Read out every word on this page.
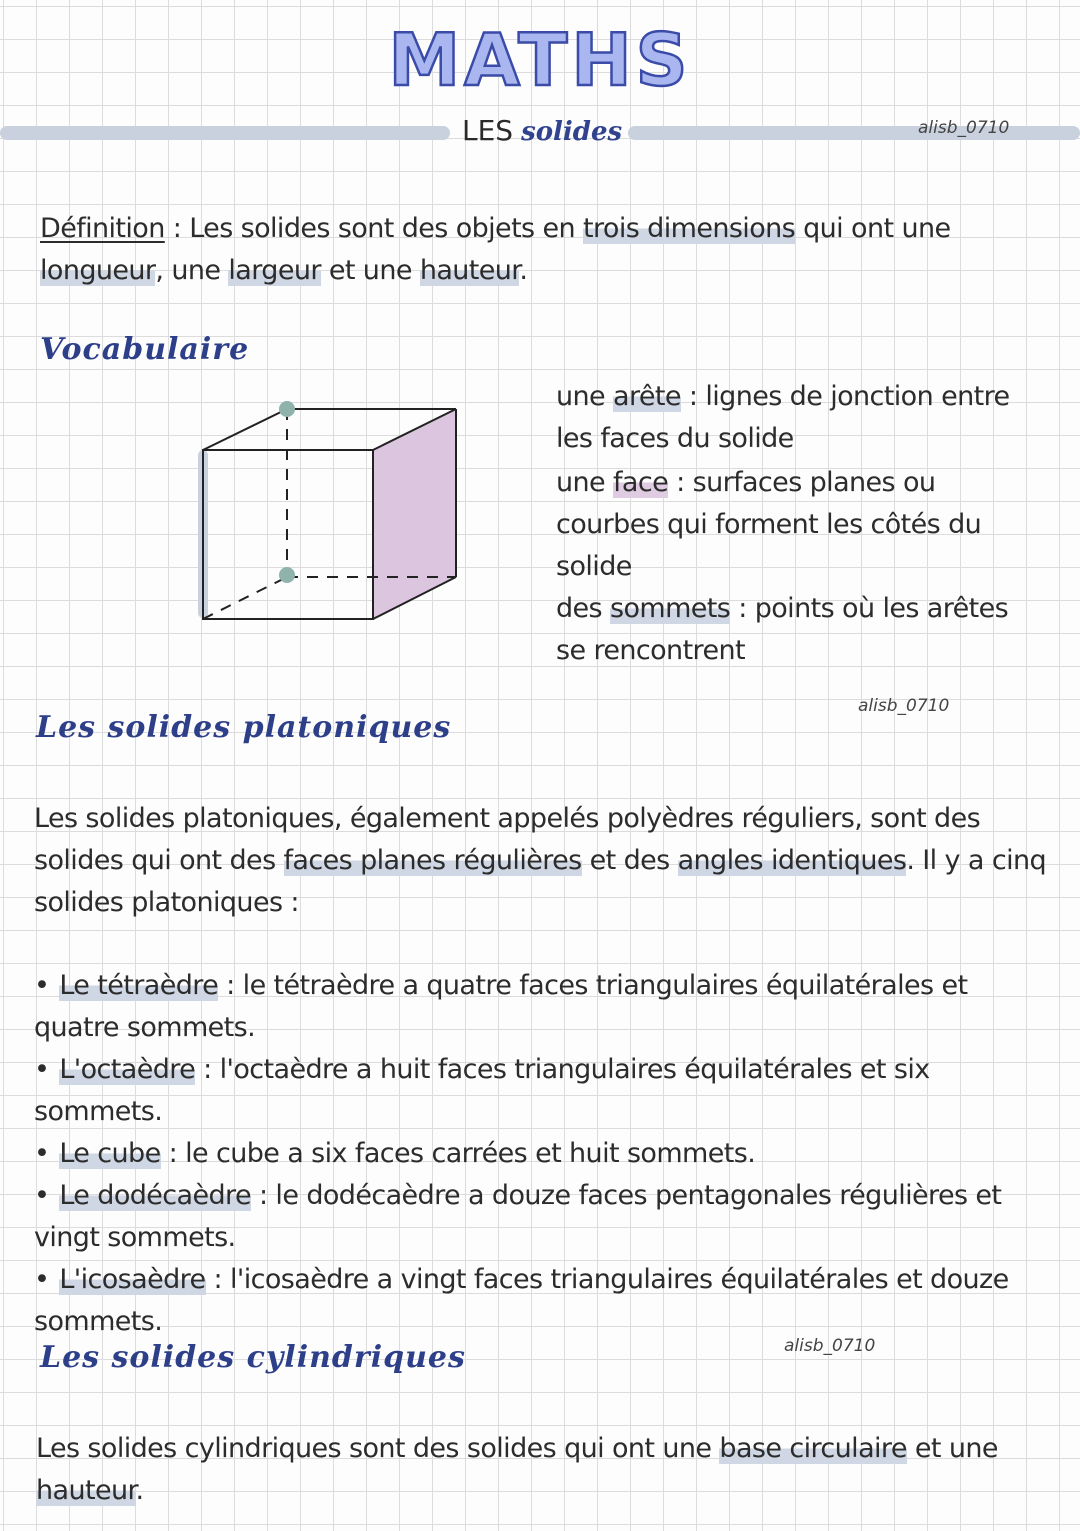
MATHS
LES solides	alisb_0710
Définition : Les solides sont des objets en trois dimensions qui ont une longueur, une largeur et une hauteur.
Vocabulaire

une arête : lignes de jonction entre les faces du solide

une face : surfaces planes ou courbes qui forment les côtés du solide

des sommets : points où les arêtes se rencontrent

alisb_0710
Les solides platoniques
Les solides platoniques, également appelés polyèdres réguliers, sont des solides qui ont des faces planes régulières et des angles identiques. Il y a cinq solides platoniques :
• Le tétraèdre : le tétraèdre a quatre faces triangulaires équilatérales et quatre sommets.
• L'octaèdre : l'octaèdre a huit faces triangulaires équilatérales et six sommets.
• Le cube : le cube a six faces carrées et huit sommets.
• Le dodécaèdre : le dodécaèdre a douze faces pentagonales régulières et vingt sommets.
• L'icosaèdre : l'icosaèdre a vingt faces triangulaires équilatérales et douze sommets.
alisb_0710
Les solides cylindriques
Les solides cylindriques sont des solides qui ont une base circulaire et une hauteur.
